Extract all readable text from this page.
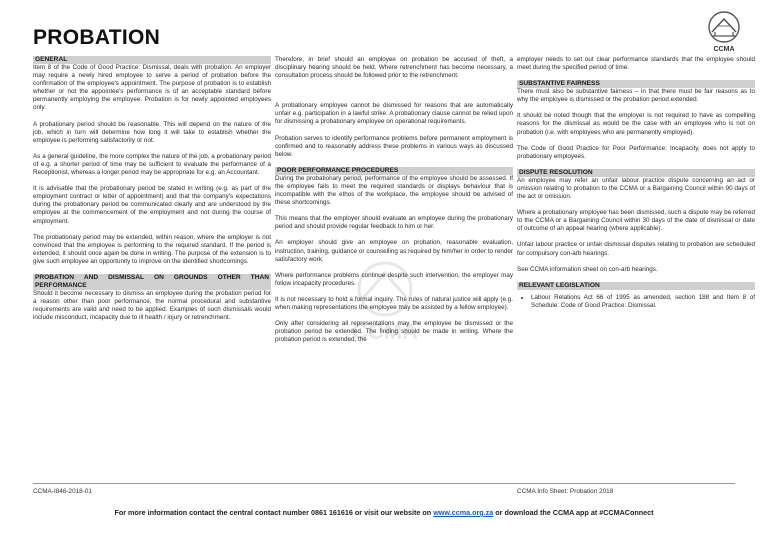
PROBATION
CCMA
CCMA
GENERAL

Item 8 of the Code of Good Practice: Dismissal, deals with probation. An employer may require a newly hired employee to serve a period of probation before the confirmation of the employee's appointment. The purpose of probation is to establish whether or not the appointee's performance is of an acceptable standard before permanently employing the employee. Probation is for newly appointed employees only.

A probationary period should be reasonable. This will depend on the nature of the job, which in turn will determine how long it will take to establish whether the employee is performing satisfactorily or not.

As a general guideline, the more complex the nature of the job, a probationary period of e.g. a shorter period of time may be sufficient to evaluate the performance of a Receptionist, whereas a longer period may be appropriate for e.g. an Accountant.

It is advisable that the probationary period be stated in writing (e.g. as part of the employment contract or letter of appointment) and that the company's expectations during the probationary period be communicated clearly and are understood by the employee at the commencement of the employment and not during the course of employment.

The probationary period may be extended, within reason, where the employer is not convinced that the employee is performing to the required standard. If the period is extended, it should once again be done in writing. The purpose of the extension is to give such employee an opportunity to improve on the identified shortcomings.

PROBATION AND DISMISSAL ON GROUNDS OTHER THAN PERFORMANCE

Should it become necessary to dismiss an employee during the probation period for a reason other than poor performance, the normal procedural and substantive requirements are valid and need to be applied. Examples of such dismissals would include misconduct, incapacity due to ill health / injury or retrenchment.

Therefore, in brief should an employee on probation be accused of theft, a disciplinary hearing should be held. Where retrenchment has become necessary, a consultation process should be followed prior to the retrenchment.

A probationary employee cannot be dismissed for reasons that are automatically unfair e.g. participation in a lawful strike. A probationary clause cannot be relied upon for dismissing a probationary employee on operational requirements.

Probation serves to identify performance problems before permanent employment is confirmed and to reasonably address these problems in various ways as discussed below.

POOR PERFORMANCE PROCEDURES

During the probationary period, performance of the employee should be assessed. If the employee fails to meet the required standards or displays behaviour that is incompatible with the ethos of the workplace, the employee should be advised of these shortcomings.

This means that the employer should evaluate an employee during the probationary period and should provide regular feedback to him or her.

An employer should give an employee on probation, reasonable evaluation, instruction, training, guidance or counselling as required by him/her in order to render satisfactory work.

Where performance problems continue despite such intervention, the employer may follow incapacity procedures.

It is not necessary to hold a formal inquiry. The rules of natural justice will apply (e.g. when making representations the employee may be assisted by a fellow employee).

Only after considering all representations may the employee be dismissed or the probation period be extended. The finding should be made in writing. Where the probation period is extended, the

employer needs to set out clear performance standards that the employee should meet during the specified period of time.

SUBSTANTIVE FAIRNESS

There must also be substantive fairness – in that there must be fair reasons as to why the employee is dismissed or the probation period extended.

It should be noted though that the employer is not required to have as compelling reasons for the dismissal as would be the case with an employee who is not on probation (i.e. with employees who are permanently employed).

The Code of Good Practice for Poor Performance: Incapacity, does not apply to probationary employees.

DISPUTE RESOLUTION

An employee may refer an unfair labour practice dispute concerning an act or omission relating to probation to the CCMA or a Bargaining Council within 90 days of the act or omission.

Where a probationary employee has been dismissed, such a dispute may be referred to the CCMA or a Bargaining Council within 30 days of the date of dismissal or date of outcome of an appeal hearing (where applicable).

Unfair labour practice or unfair dismissal disputes relating to probation are scheduled for compulsory con-arb hearings.

See CCMA information sheet on con-arb hearings.

RELEVANT LEGISLATION
• Labour Relations Act 66 of 1995 as amended, section 188 and Item 8 of Schedule: Code of Good Practice: Dismissal.
CCMA-I846-2018-01	CCMA Info Sheet: Probation 2018
For more information contact the central contact number 0861 161616 or visit our website on www.ccma.org.za or download the CCMA app at #CCMAConnect
